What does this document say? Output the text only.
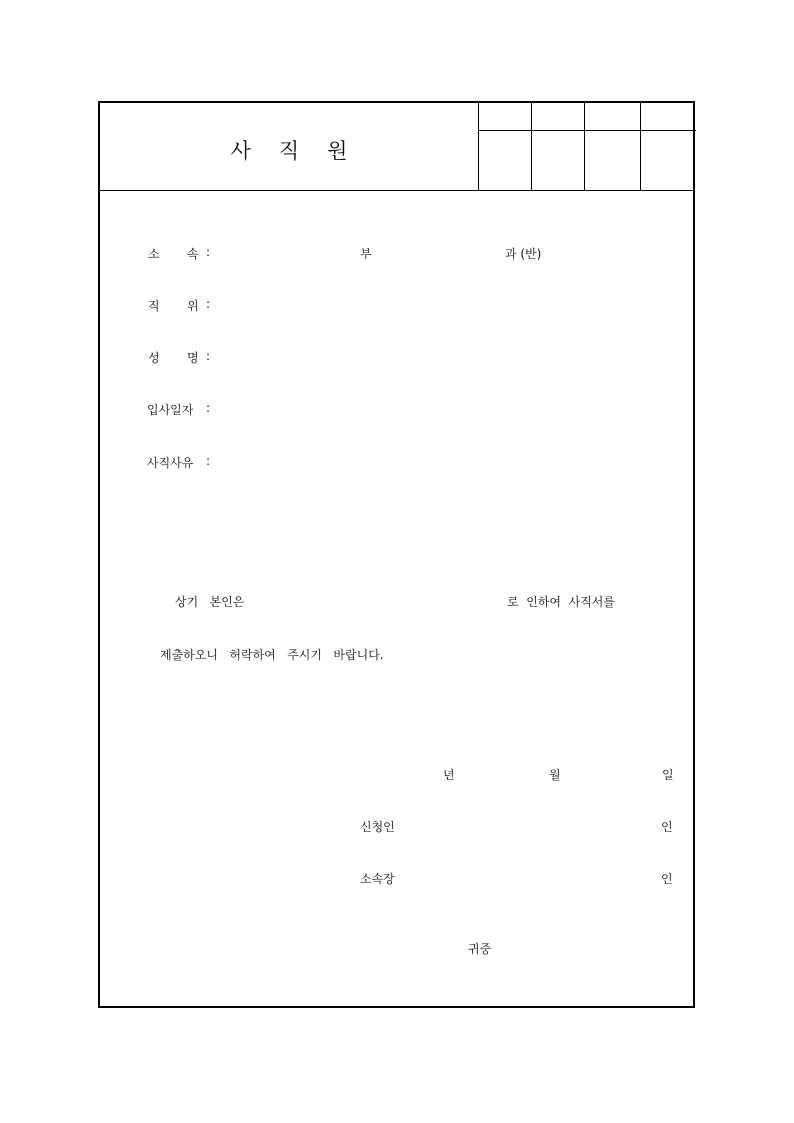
사 직 원
소 속 :	부	과 (반)
직 위 :
성 명 :
입사일자 :
사직사유 :
상기   본인은	로  인하여  사직서를
제출하오니   허락하여   주시기   바랍니다.
년	월	일
신청인	인
소속장	인
귀중
